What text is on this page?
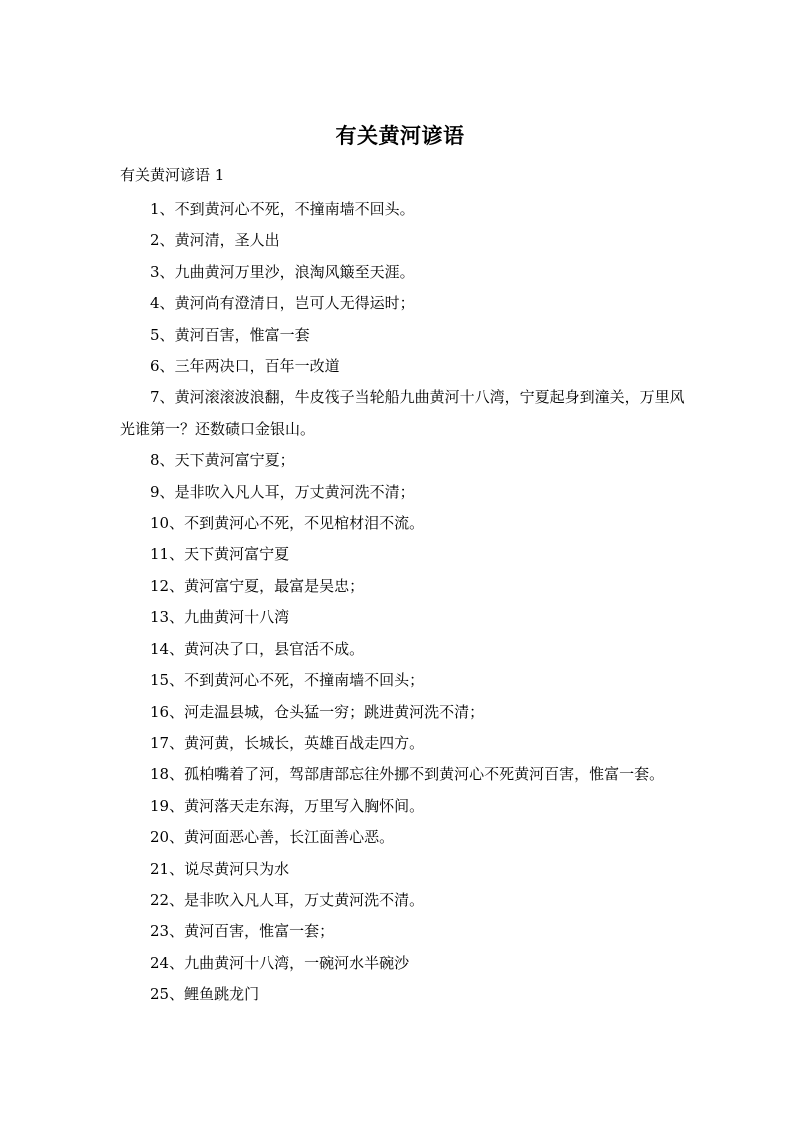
有关黄河谚语
有关黄河谚语 1
1、不到黄河心不死，不撞南墙不回头。
2、黄河清，圣人出
3、九曲黄河万里沙，浪淘风簸至天涯。
4、黄河尚有澄清日，岂可人无得运时；
5、黄河百害，惟富一套
6、三年两决口，百年一改道
7、黄河滚滚波浪翻，牛皮筏子当轮船九曲黄河十八湾，宁夏起身到潼关，万里风光谁第一？还数碛口金银山。
8、天下黄河富宁夏；
9、是非吹入凡人耳，万丈黄河洗不清；
10、不到黄河心不死，不见棺材泪不流。
11、天下黄河富宁夏
12、黄河富宁夏，最富是吴忠；
13、九曲黄河十八湾
14、黄河决了口，县官活不成。
15、不到黄河心不死，不撞南墙不回头；
16、河走温县城，仓头猛一穷；跳进黄河洗不清；
17、黄河黄，长城长，英雄百战走四方。
18、孤柏嘴着了河，驾部唐部忘往外挪不到黄河心不死黄河百害，惟富一套。
19、黄河落天走东海，万里写入胸怀间。
20、黄河面恶心善，长江面善心恶。
21、说尽黄河只为水
22、是非吹入凡人耳，万丈黄河洗不清。
23、黄河百害，惟富一套；
24、九曲黄河十八湾，一碗河水半碗沙
25、鲤鱼跳龙门
